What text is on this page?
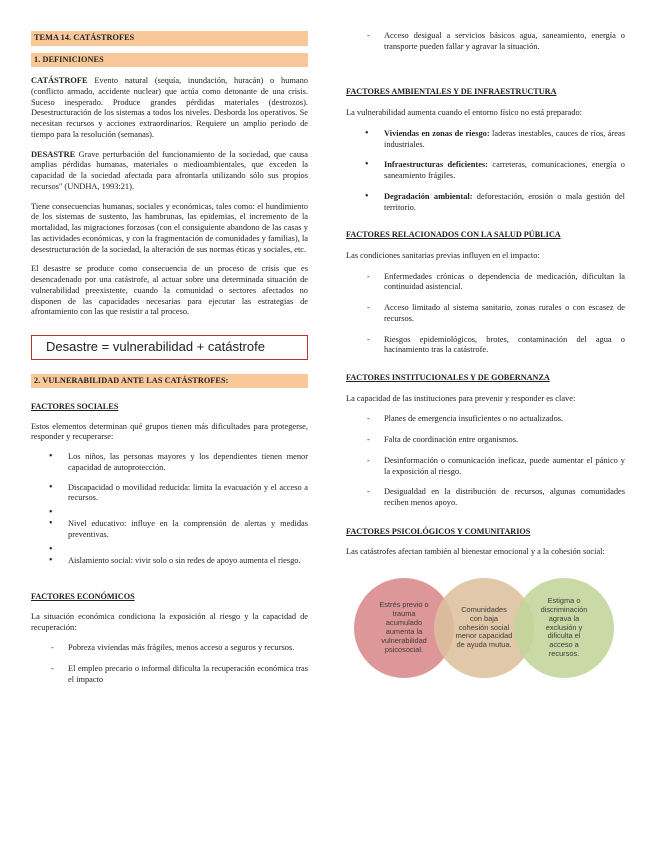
TEMA 14. CATÁSTROFES
1. DEFINICIONES

CATÁSTROFE Evento natural (sequía, inundación, huracán) o humano (conflicto armado, accidente nuclear) que actúa como detonante de una crisis. Suceso inesperado. Produce grandes pérdidas materiales (destrozos). Desestructuración de los sistemas a todos los niveles. Desborda los operativos. Se necesitan recursos y acciones extraordinarios. Requiere un amplio periodo de tiempo para la resolución (semanas).

DESASTRE Grave perturbación del funcionamiento de la sociedad, que causa amplias pérdidas humanas, materiales o medioambientales, que exceden la capacidad de la sociedad afectada para afrontarla utilizando sólo sus propios recursos" (UNDHA, 1993:21).

Tiene consecuencias humanas, sociales y económicas, tales como: el hundimiento de los sistemas de sustento, las hambrunas, las epidemias, el incremento de la mortalidad, las migraciones forzosas (con el consiguiente abandono de las casas y las actividades económicas, y con la fragmentación de comunidades y familias), la desestructuración de la sociedad, la alteración de sus normas éticas y sociales, etc.

El desastre se produce como consecuencia de un proceso de crisis que es desencadenado por una catástrofe, al actuar sobre una determinada situación de vulnerabilidad preexistente, cuando la comunidad o sectores afectados no disponen de las capacidades necesarias para ejecutar las estrategias de afrontamiento con las que resistir a tal proceso.

Desastre = vulnerabilidad + catástrofe
2. VULNERABILIDAD ANTE LAS CATÁSTROFES:
FACTORES SOCIALES

Estos elementos determinan qué grupos tienen más dificultades para protegerse, responder y recuperarse:

• Los niños, las personas mayores y los dependientes tienen menor capacidad de autoprotección.
• Discapacidad o movilidad reducida: limita la evacuación y el acceso a recursos.
•
• Nivel educativo: influye en la comprensión de alertas y medidas preventivas.
•
• Aislamiento social: vivir solo o sin redes de apoyo aumenta el riesgo.
FACTORES ECONÓMICOS

La situación económica condiciona la exposición al riesgo y la capacidad de recuperación:

- Pobreza viviendas más frágiles, menos acceso a seguros y recursos.
- El empleo precario o informal dificulta la recuperación económica tras el impacto
- Acceso desigual a servicios básicos agua, saneamiento, energía o transporte pueden fallar y agravar la situación.
FACTORES AMBIENTALES Y DE INFRAESTRUCTURA

La vulnerabilidad aumenta cuando el entorno físico no está preparado:

• Viviendas en zonas de riesgo: laderas inestables, cauces de ríos, áreas industriales.
• Infraestructuras deficientes: carreteras, comunicaciones, energía o saneamiento frágiles.
• Degradación ambiental: deforestación, erosión o mala gestión del territorio.
FACTORES RELACIONADOS CON LA SALUD PÚBLICA

Las condiciones sanitarias previas influyen en el impacto:

- Enfermedades crónicas o dependencia de medicación, dificultan la continuidad asistencial.
- Acceso limitado al sistema sanitario, zonas rurales o con escasez de recursos.
- Riesgos epidemiológicos, brotes, contaminación del agua o hacinamiento tras la catástrofe.
FACTORES INSTITUCIONALES Y DE GOBERNANZA

La capacidad de las instituciones para prevenir y responder es clave:

- Planes de emergencia insuficientes o no actualizados.
- Falta de coordinación entre organismos.
- Desinformación o comunicación ineficaz, puede aumentar el pánico y la exposición al riesgo.
- Desigualdad en la distribución de recursos, algunas comunidades reciben menos apoyo.
FACTORES PSICOLÓGICOS Y COMUNITARIOS

Las catástrofes afectan también al bienestar emocional y a la cohesión social:

Estrés previo o trauma acumulado aumenta la vulnerabilidad psicosocial.
Comunidades con baja cohesión social menor capacidad de ayuda mutua.
Estigma o discriminación agrava la exclusión y dificulta el acceso a recursos.
